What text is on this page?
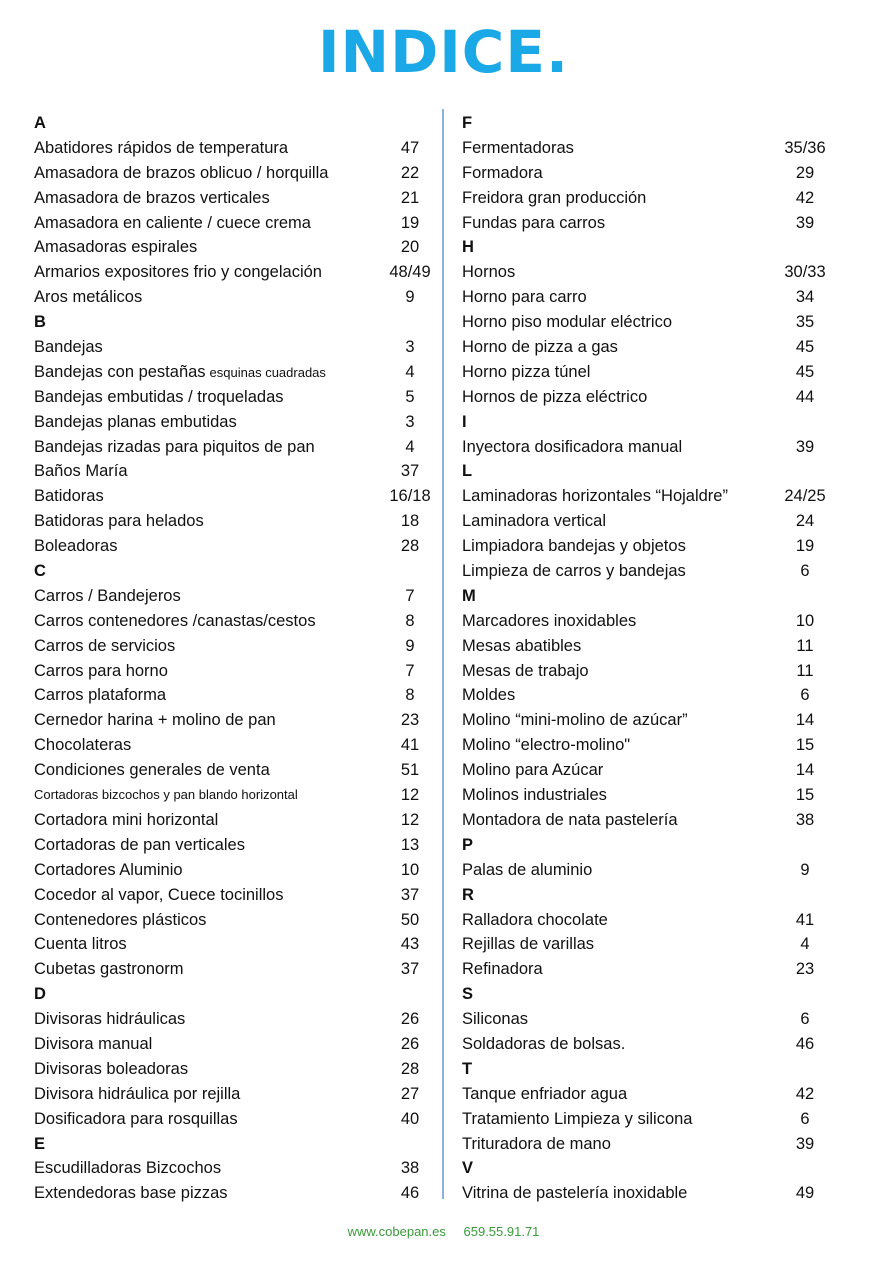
INDICE.
A
Abatidores rápidos de temperatura	47
Amasadora de brazos oblicuo / horquilla	22
Amasadora de brazos verticales	21
Amasadora en caliente / cuece crema	19
Amasadoras espirales	20
Armarios expositores frio y congelación	48/49
Aros metálicos	9
B
Bandejas	3
Bandejas con pestañas esquinas cuadradas	4
Bandejas embutidas / troqueladas	5
Bandejas planas embutidas	3
Bandejas rizadas para piquitos de pan	4
Baños María	37
Batidoras	16/18
Batidoras para helados	18
Boleadoras	28
C
Carros / Bandejeros	7
Carros contenedores /canastas/cestos	8
Carros de servicios	9
Carros para horno	7
Carros plataforma	8
Cernedor harina + molino de pan	23
Chocolateras	41
Condiciones generales de venta	51
Cortadoras bizcochos y pan blando horizontal	12
Cortadora mini horizontal	12
Cortadoras de pan verticales	13
Cortadores Aluminio	10
Cocedor al vapor, Cuece tocinillos	37
Contenedores plásticos	50
Cuenta litros	43
Cubetas gastronorm	37
D
Divisoras hidráulicas	26
Divisora manual	26
Divisoras boleadoras	28
Divisora hidráulica por rejilla	27
Dosificadora para rosquillas	40
E
Escudilladoras Bizcochos	38
Extendedoras base pizzas	46
F
Fermentadoras	35/36
Formadora	29
Freidora gran producción	42
Fundas para carros	39
H
Hornos	30/33
Horno para carro	34
Horno piso modular eléctrico	35
Horno de pizza a gas	45
Horno pizza túnel	45
Hornos de pizza eléctrico	44
I
Inyectora dosificadora manual	39
L
Laminadoras horizontales “Hojaldre”	24/25
Laminadora vertical	24
Limpiadora bandejas y objetos	19
Limpieza de carros y bandejas	6
M
Marcadores inoxidables	10
Mesas abatibles	11
Mesas de trabajo	11
Moldes	6
Molino “mini-molino de azúcar”	14
Molino “electro-molino"	15
Molino para Azúcar	14
Molinos industriales	15
Montadora de nata pastelería	38
P
Palas de aluminio	9
R
Ralladora chocolate	41
Rejillas de varillas	4
Refinadora	23
S
Siliconas	6
Soldadoras de bolsas.	46
T
Tanque enfriador agua	42
Tratamiento Limpieza y silicona	6
Trituradora de mano	39
V
Vitrina de pastelería inoxidable	49
www.cobepan.es 659.55.91.71
